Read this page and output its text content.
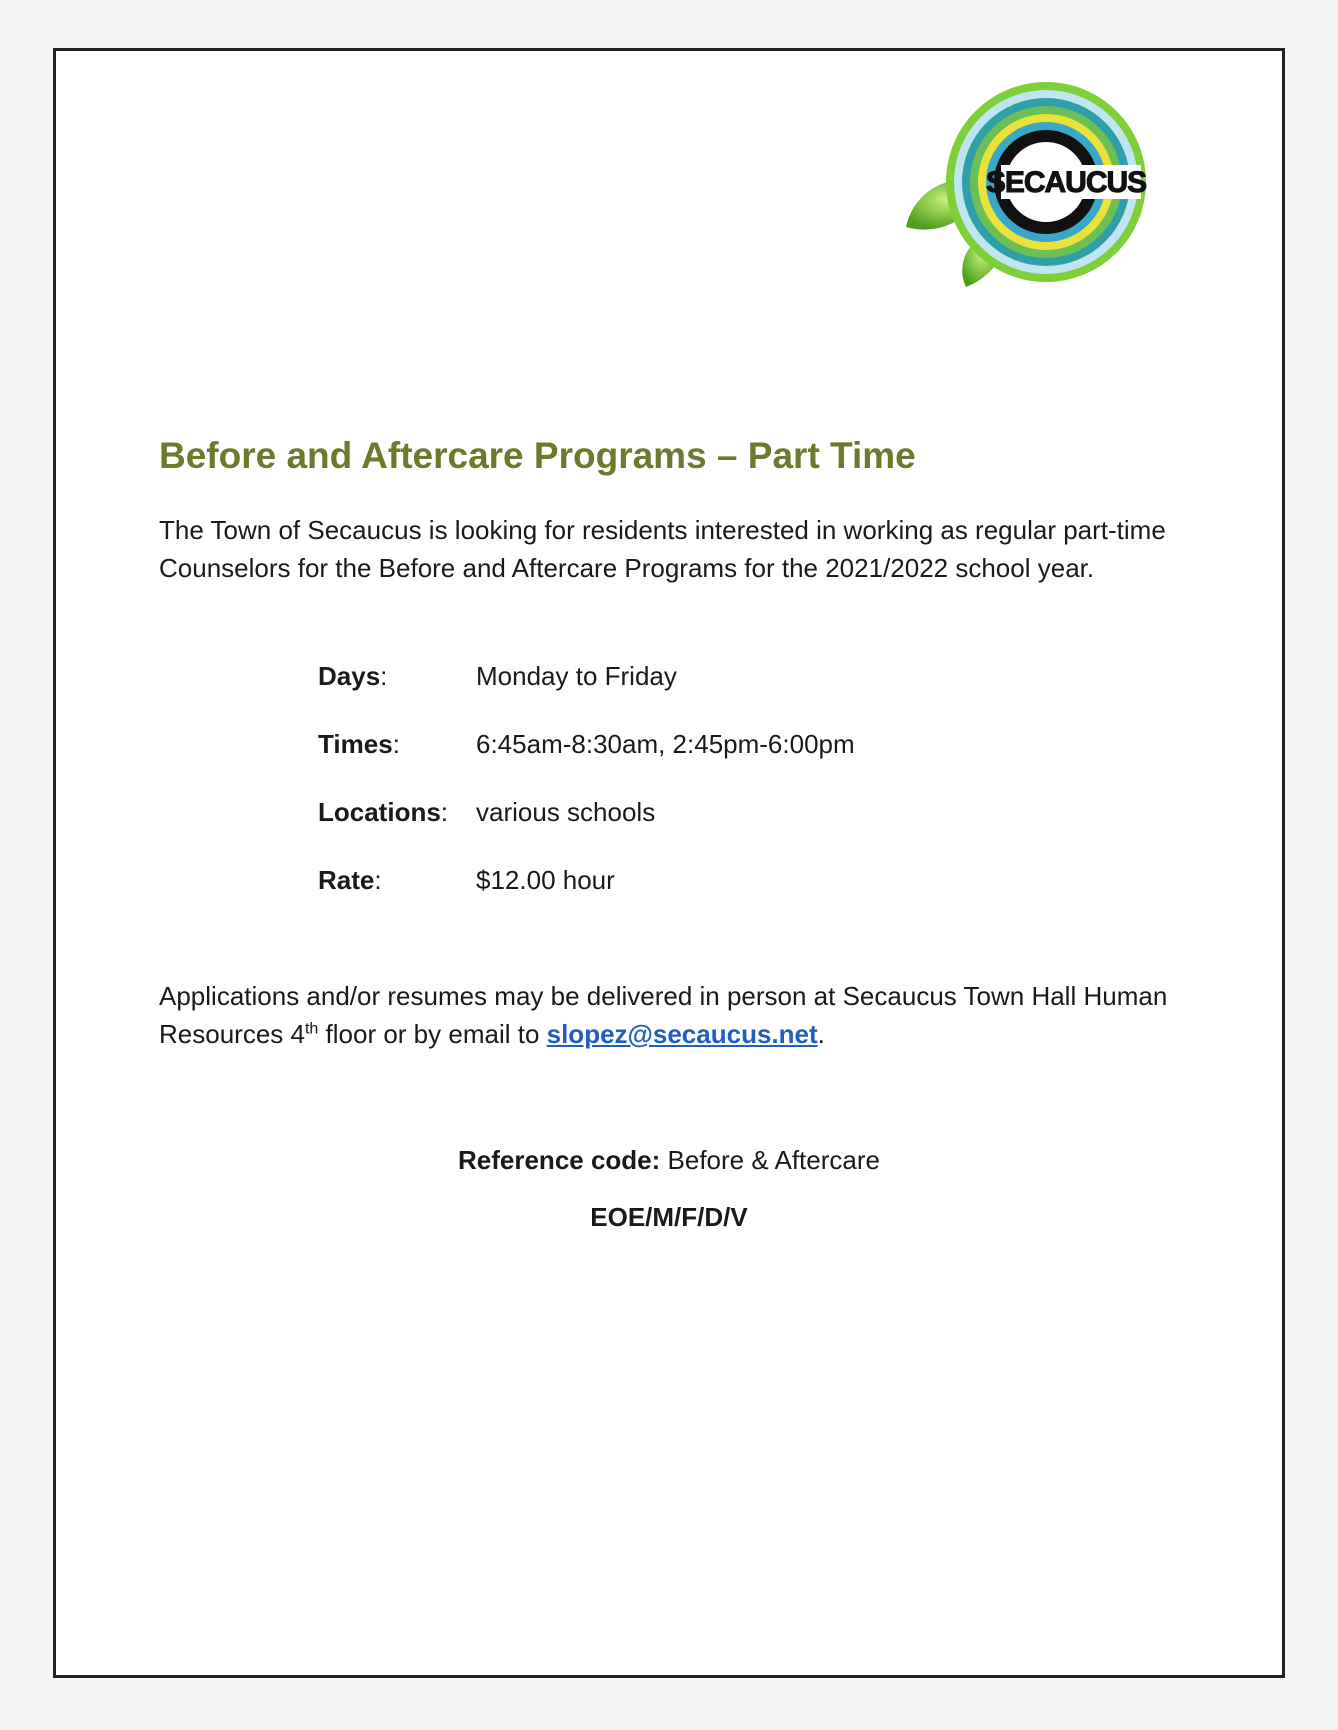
SECAUCUS
Before and Aftercare Programs – Part Time

The Town of Secaucus is looking for residents interested in working as regular part-time Counselors for the Before and Aftercare Programs for the 2021/2022 school year.

Days:	Monday to Friday
Times:	6:45am-8:30am, 2:45pm-6:00pm
Locations: various schools
Rate:	$12.00 hour

Applications and/or resumes may be delivered in person at Secaucus Town Hall Human Resources 4th floor or by email to slopez@secaucus.net.

Reference code: Before & Aftercare

EOE/M/F/D/V
